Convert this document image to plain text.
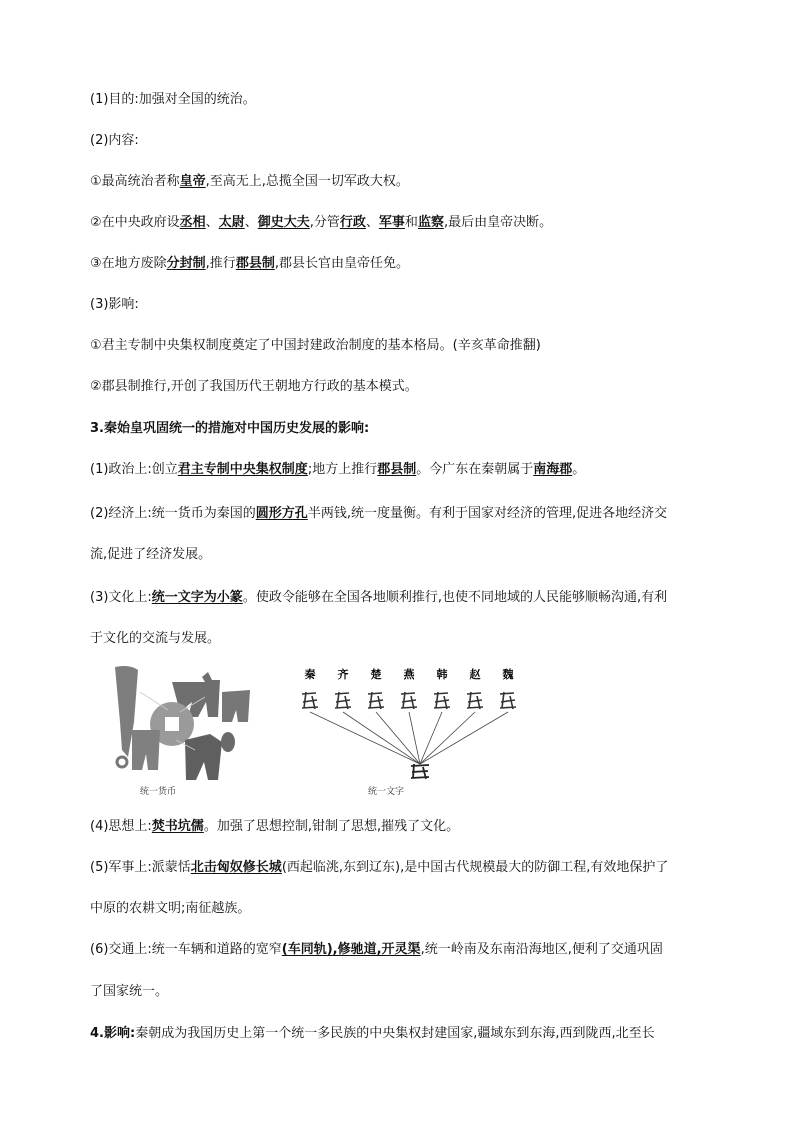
(1)目的:加强对全国的统治。
(2)内容:
①最高统治者称皇帝,至高无上,总揽全国一切军政大权。
②在中央政府设丞相、太尉、御史大夫,分管行政、军事和监察,最后由皇帝决断。
③在地方废除分封制,推行郡县制,郡县长官由皇帝任免。
(3)影响:
①君主专制中央集权制度奠定了中国封建政治制度的基本格局。(辛亥革命推翻)
②郡县制推行,开创了我国历代王朝地方行政的基本模式。
3.秦始皇巩固统一的措施对中国历史发展的影响:
(1)政治上:创立君主专制中央集权制度;地方上推行郡县制。今广东在秦朝属于南海郡。
(2)经济上:统一货币为秦国的圆形方孔半两钱,统一度量衡。有利于国家对经济的管理,促进各地经济交
流,促进了经济发展。
(3)文化上:统一文字为小篆。使政令能够在全国各地顺利推行,也使不同地域的人民能够顺畅沟通,有利
于文化的交流与发展。
(4)思想上:焚书坑儒。加强了思想控制,钳制了思想,摧残了文化。
(5)军事上:派蒙恬北击匈奴修长城(西起临洮,东到辽东),是中国古代规模最大的防御工程,有效地保护了
中原的农耕文明;南征越族。
(6)交通上:统一车辆和道路的宽窄(车同轨),修驰道,开灵渠,统一岭南及东南沿海地区,便利了交通巩固
了国家统一。
4.影响:秦朝成为我国历史上第一个统一多民族的中央集权封建国家,疆域东到东海,西到陇西,北至长
统一货币
秦 齐 楚 燕 韩 赵 魏
统一文字
